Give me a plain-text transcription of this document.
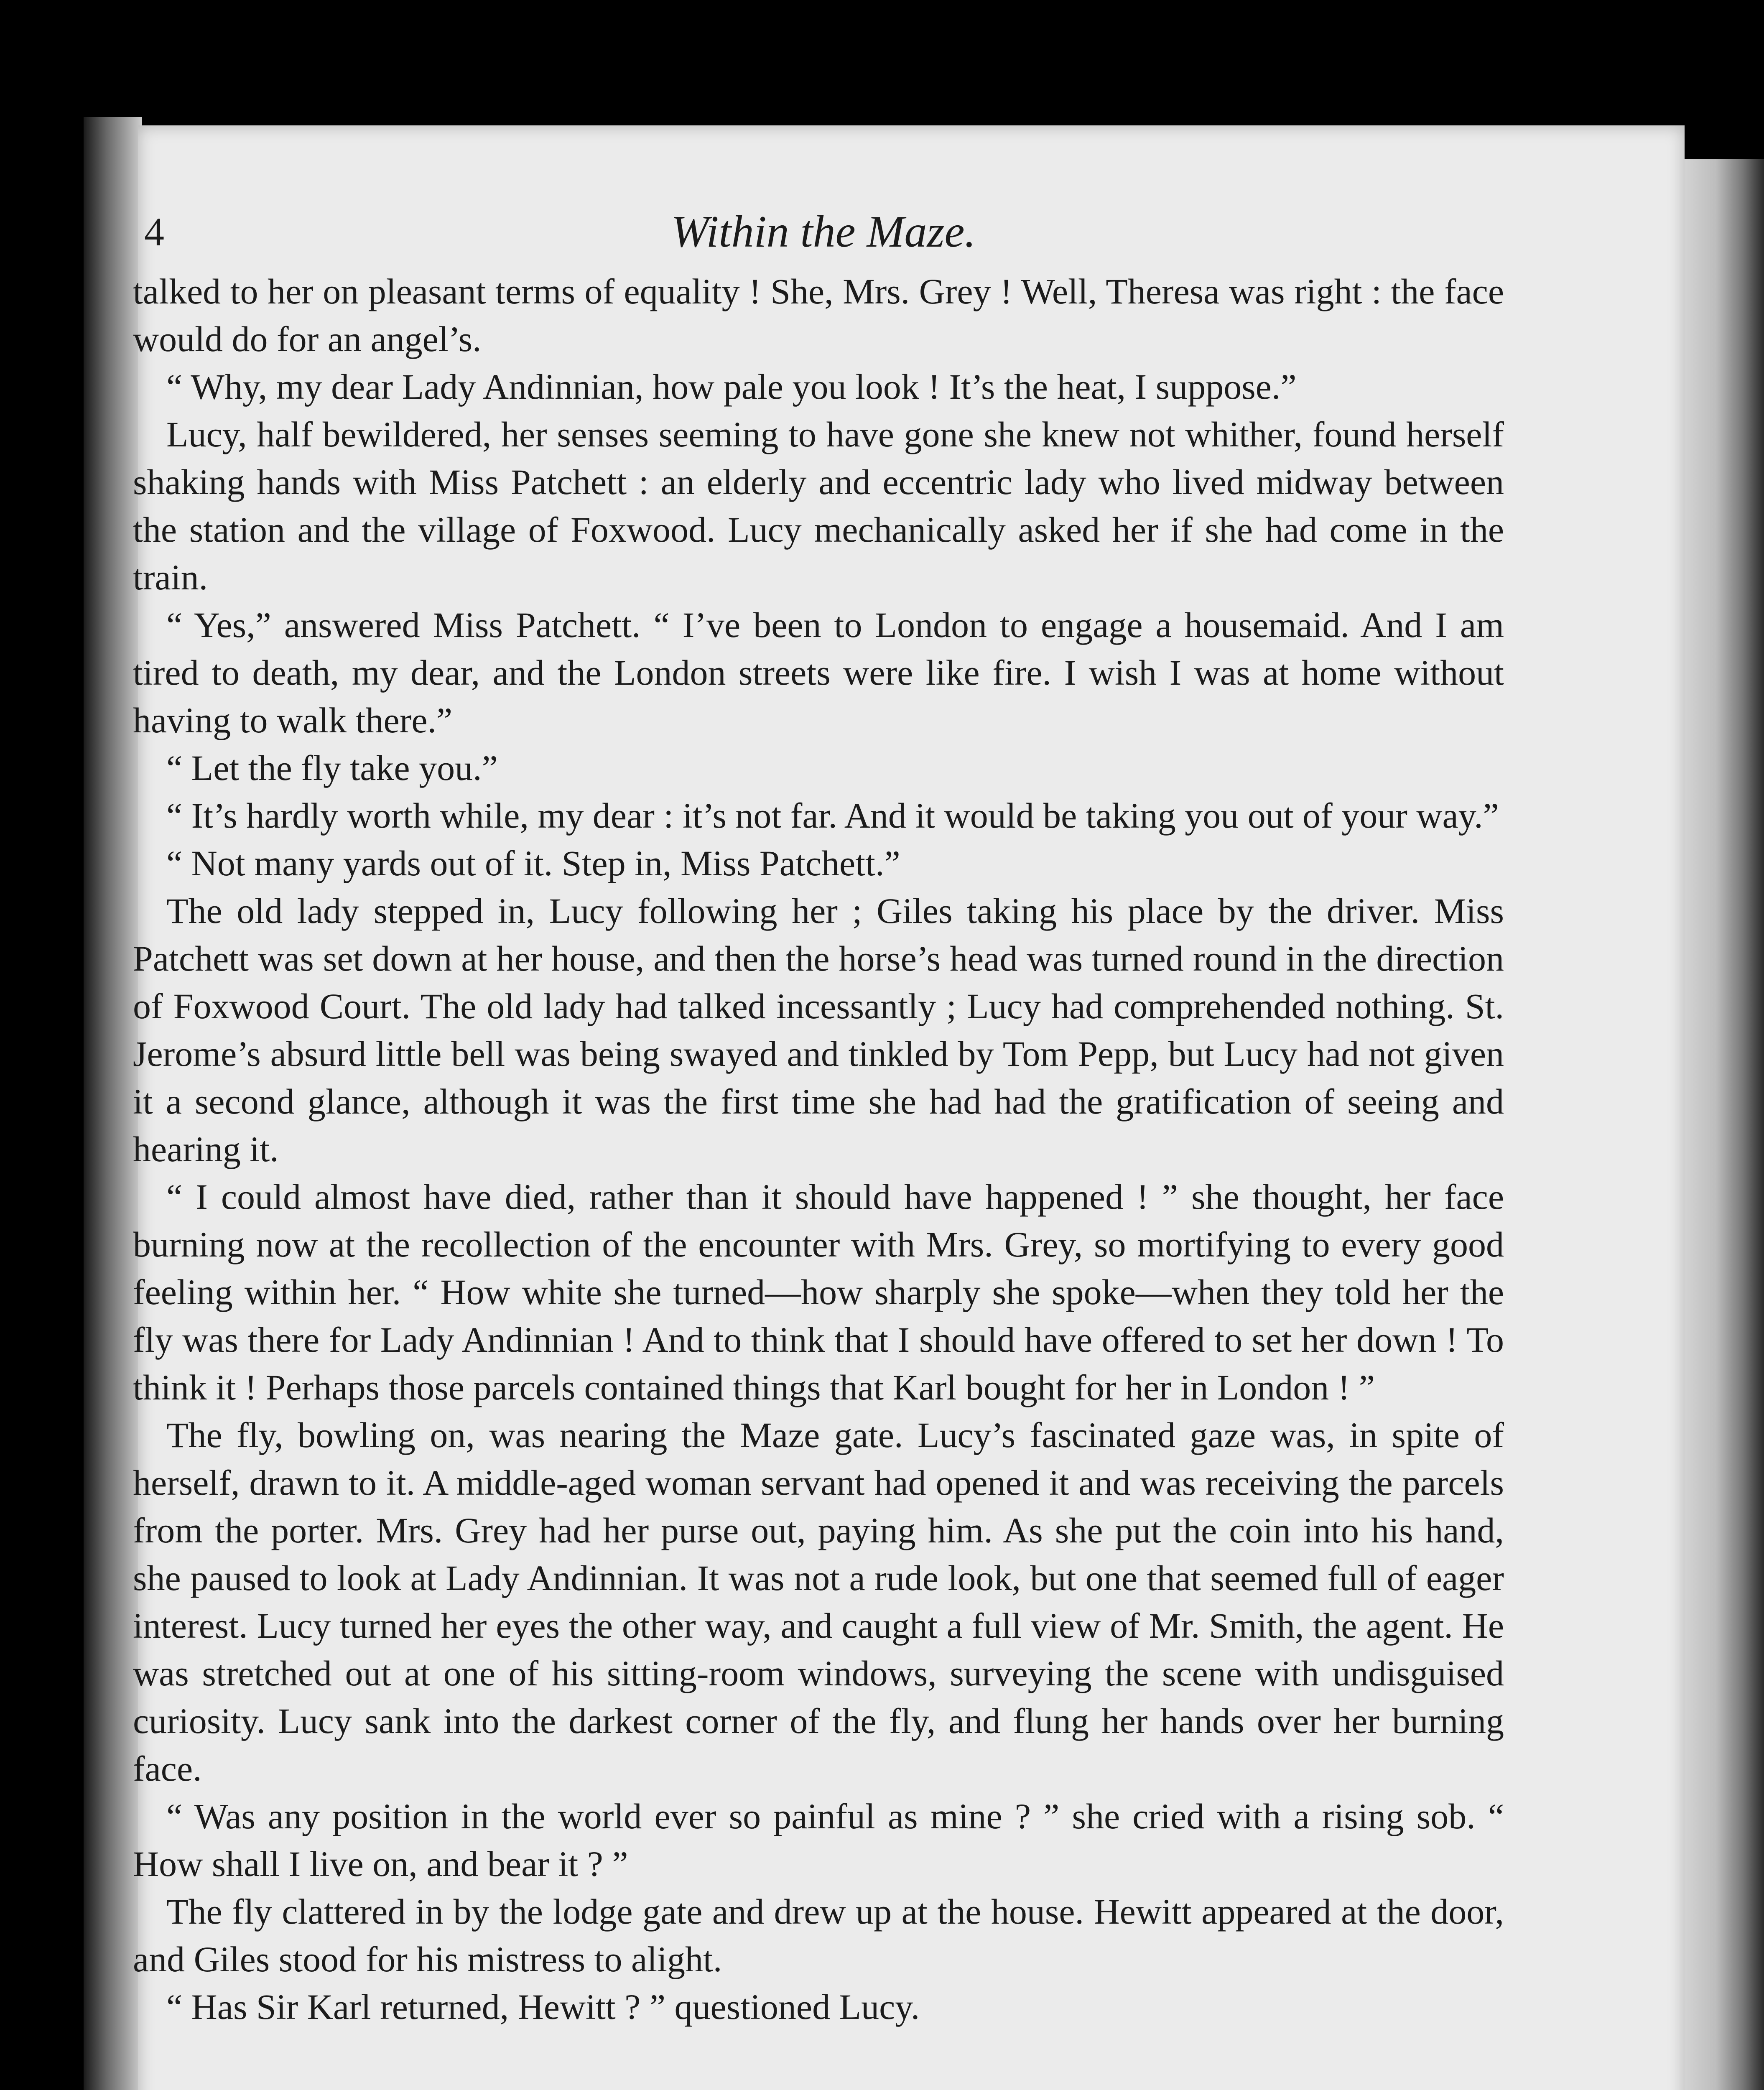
4	Within the Maze.

talked to her on pleasant terms of equality ! She, Mrs. Grey ! Well, Theresa was right : the face would do for an angel’s.

“ Why, my dear Lady Andinnian, how pale you look ! It’s the heat, I suppose.”

Lucy, half bewildered, her senses seeming to have gone she knew not whither, found herself shaking hands with Miss Patchett : an elderly and eccentric lady who lived midway between the station and the village of Foxwood. Lucy mechanically asked her if she had come in the train.

“ Yes,” answered Miss Patchett. “ I’ve been to London to engage a housemaid. And I am tired to death, my dear, and the London streets were like fire. I wish I was at home without having to walk there.”

“ Let the fly take you.”

“ It’s hardly worth while, my dear : it’s not far. And it would be taking you out of your way.”

“ Not many yards out of it. Step in, Miss Patchett.”

The old lady stepped in, Lucy following her ; Giles taking his place by the driver. Miss Patchett was set down at her house, and then the horse’s head was turned round in the direction of Foxwood Court. The old lady had talked incessantly ; Lucy had comprehended nothing. St. Jerome’s absurd little bell was being swayed and tinkled by Tom Pepp, but Lucy had not given it a second glance, although it was the first time she had had the gratification of seeing and hearing it.

“ I could almost have died, rather than it should have happened ! ” she thought, her face burning now at the recollection of the encounter with Mrs. Grey, so mortifying to every good feeling within her. “ How white she turned—how sharply she spoke—when they told her the fly was there for Lady Andinnian ! And to think that I should have offered to set her down ! To think it ! Perhaps those parcels contained things that Karl bought for her in London ! ”

The fly, bowling on, was nearing the Maze gate. Lucy’s fascinated gaze was, in spite of herself, drawn to it. A middle-aged woman servant had opened it and was receiving the parcels from the porter. Mrs. Grey had her purse out, paying him. As she put the coin into his hand, she paused to look at Lady Andinnian. It was not a rude look, but one that seemed full of eager interest. Lucy turned her eyes the other way, and caught a full view of Mr. Smith, the agent. He was stretched out at one of his sitting-room windows, surveying the scene with undisguised curiosity. Lucy sank into the darkest corner of the fly, and flung her hands over her burning face.

“ Was any position in the world ever so painful as mine ? ” she cried with a rising sob. “ How shall I live on, and bear it ? ”

The fly clattered in by the lodge gate and drew up at the house. Hewitt appeared at the door, and Giles stood for his mistress to alight.

“ Has Sir Karl returned, Hewitt ? ” questioned Lucy.
